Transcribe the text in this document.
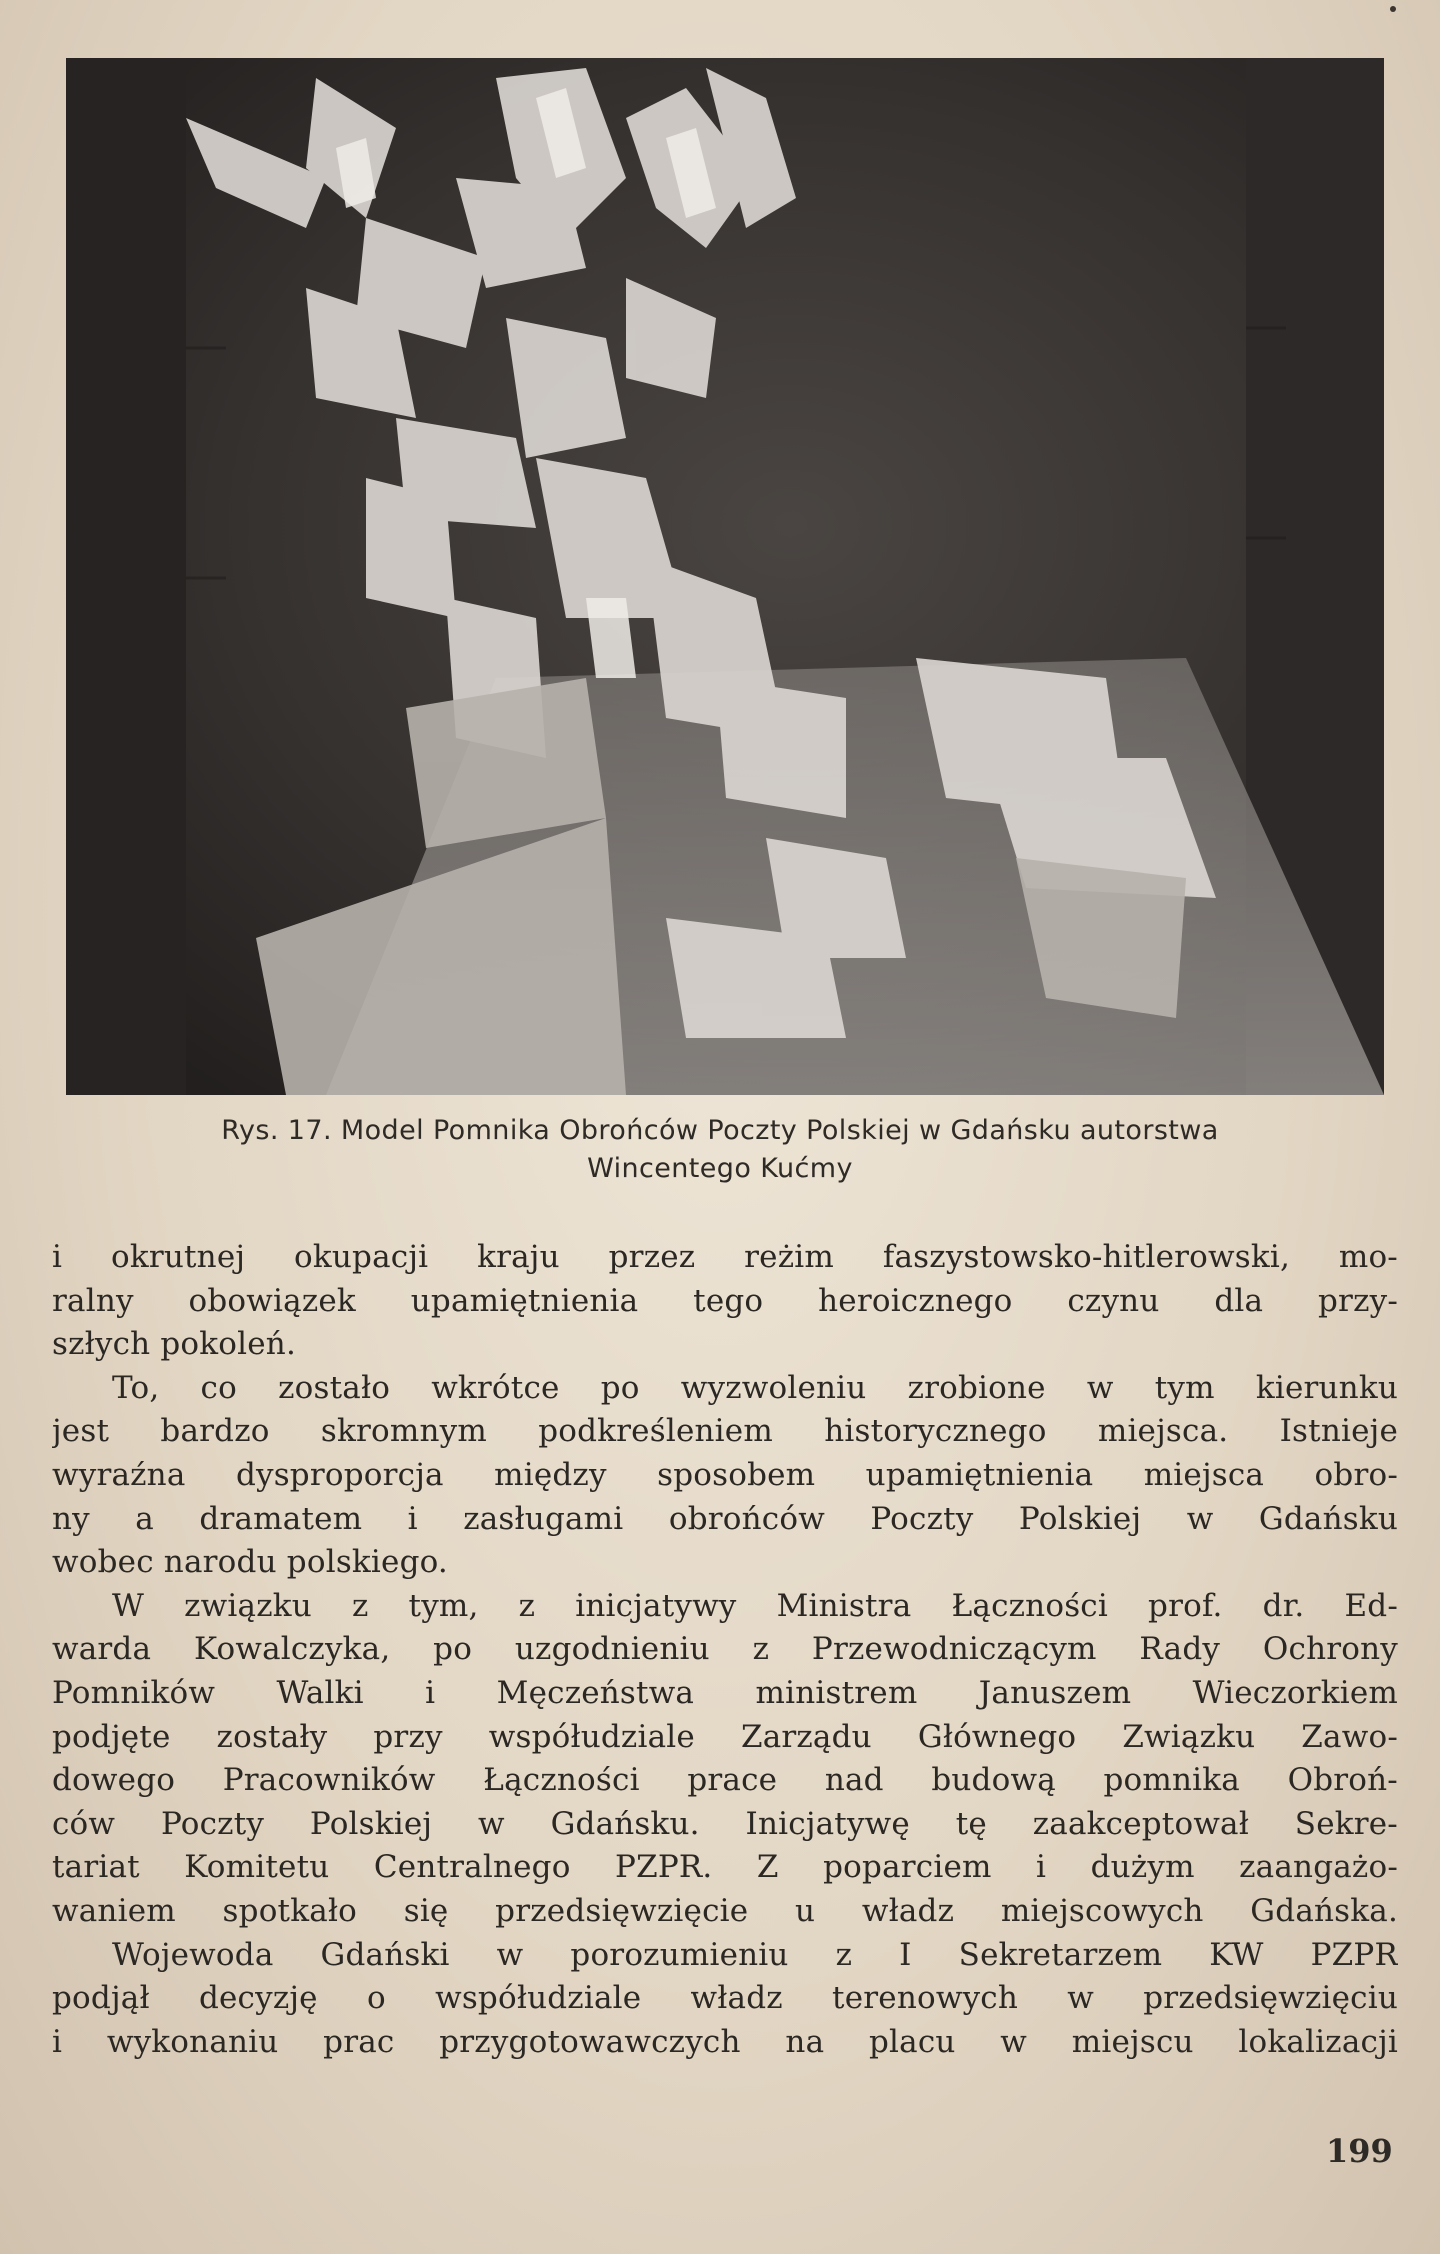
Rys. 17. Model Pomnika Obrońców Poczty Polskiej w Gdańsku autorstwa
Wincentego Kućmy
i okrutnej okupacji kraju przez reżim faszystowsko-hitlerowski, mo-
ralny obowiązek upamiętnienia tego heroicznego czynu dla przy-
szłych pokoleń.
To, co zostało wkrótce po wyzwoleniu zrobione w tym kierunku
jest bardzo skromnym podkreśleniem historycznego miejsca. Istnieje
wyraźna dysproporcja między sposobem upamiętnienia miejsca obro-
ny a dramatem i zasługami obrońców Poczty Polskiej w Gdańsku
wobec narodu polskiego.
W związku z tym, z inicjatywy Ministra Łączności prof. dr. Ed-
warda Kowalczyka, po uzgodnieniu z Przewodniczącym Rady Ochrony
Pomników Walki i Męczeństwa ministrem Januszem Wieczorkiem
podjęte zostały przy współudziale Zarządu Głównego Związku Zawo-
dowego Pracowników Łączności prace nad budową pomnika Obroń-
ców Poczty Polskiej w Gdańsku. Inicjatywę tę zaakceptował Sekre-
tariat Komitetu Centralnego PZPR. Z poparciem i dużym zaangażo-
waniem spotkało się przedsięwzięcie u władz miejscowych Gdańska.
Wojewoda Gdański w porozumieniu z I Sekretarzem KW PZPR
podjął decyzję o współudziale władz terenowych w przedsięwzięciu
i wykonaniu prac przygotowawczych na placu w miejscu lokalizacji
199
